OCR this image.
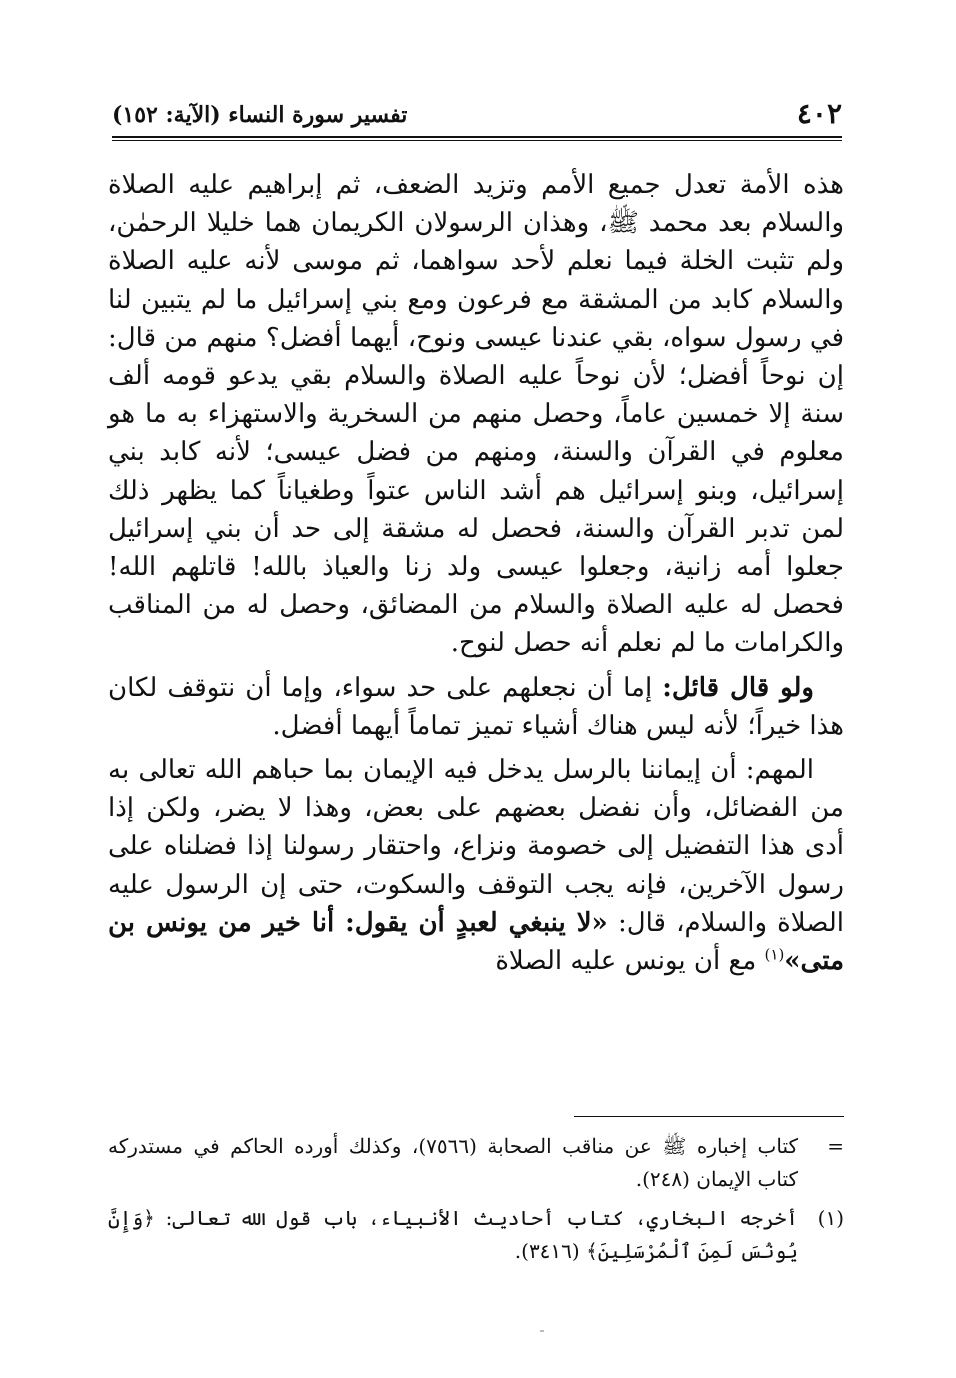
٤٠٢
تفسير سورة النساء (الآية: ١٥٢)

هذه الأمة تعدل جميع الأمم وتزيد الضعف، ثم إبراهيم عليه الصلاة والسلام بعد محمد ﷺ، وهذان الرسولان الكريمان هما خليلا الرحمٰن، ولم تثبت الخلة فيما نعلم لأحد سواهما، ثم موسى لأنه عليه الصلاة والسلام كابد من المشقة مع فرعون ومع بني إسرائيل ما لم يتبين لنا في رسول سواه، بقي عندنا عيسى ونوح، أيهما أفضل؟ منهم من قال: إن نوحاً أفضل؛ لأن نوحاً عليه الصلاة والسلام بقي يدعو قومه ألف سنة إلا خمسين عاماً، وحصل منهم من السخرية والاستهزاء به ما هو معلوم في القرآن والسنة، ومنهم من فضل عيسى؛ لأنه كابد بني إسرائيل، وبنو إسرائيل هم أشد الناس عتواً وطغياناً كما يظهر ذلك لمن تدبر القرآن والسنة، فحصل له مشقة إلى حد أن بني إسرائيل جعلوا أمه زانية، وجعلوا عيسى ولد زنا والعياذ بالله! قاتلهم الله! فحصل له عليه الصلاة والسلام من المضائق، وحصل له من المناقب والكرامات ما لم نعلم أنه حصل لنوح.

ولو قال قائل: إما أن نجعلهم على حد سواء، وإما أن نتوقف لكان هذا خيراً؛ لأنه ليس هناك أشياء تميز تماماً أيهما أفضل.

المهم: أن إيماننا بالرسل يدخل فيه الإيمان بما حباهم الله تعالى به من الفضائل، وأن نفضل بعضهم على بعض، وهذا لا يضر، ولكن إذا أدى هذا التفضيل إلى خصومة ونزاع، واحتقار رسولنا إذا فضلناه على رسول الآخرين، فإنه يجب التوقف والسكوت، حتى إن الرسول عليه الصلاة والسلام، قال: «لا ينبغي لعبدٍ أن يقول: أنا خير من يونس بن متى»$^{(١)}$ مع أن يونس عليه الصلاة

=
كتاب إخباره ﷺ عن مناقب الصحابة (٧٥٦٦)، وكذلك أورده الحاكم في مستدركه كتاب الإيمان (٢٤٨).
(١)
أخرجه البخاري، كتاب أحاديث الأنبياء، باب قول الله تعالى: ﴿وَإِنَّ يُونُسَ لَمِنَ ٱلْمُرْسَلِينَ﴾ (٣٤١٦).
